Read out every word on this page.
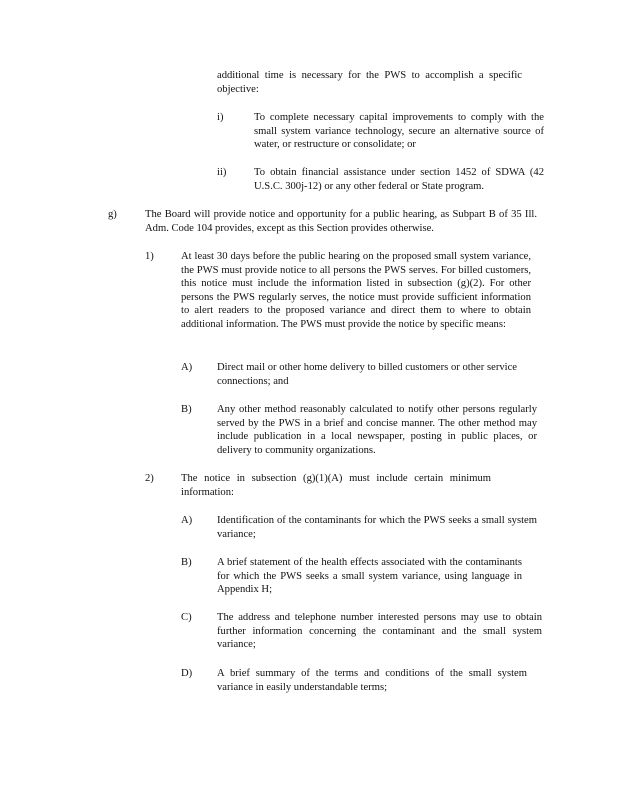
additional time is necessary for the PWS to accomplish a specific objective:
i)	To complete necessary capital improvements to comply with the small system variance technology, secure an alternative source of water, or restructure or consolidate; or
ii)	To obtain financial assistance under section 1452 of SDWA (42 U.S.C. 300j-12) or any other federal or State program.
g)	The Board will provide notice and opportunity for a public hearing, as Subpart B of 35 Ill. Adm. Code 104 provides, except as this Section provides otherwise.
1)	At least 30 days before the public hearing on the proposed small system variance, the PWS must provide notice to all persons the PWS serves. For billed customers, this notice must include the information listed in subsection (g)(2). For other persons the PWS regularly serves, the notice must provide sufficient information to alert readers to the proposed variance and direct them to where to obtain additional information. The PWS must provide the notice by specific means:
A) Direct mail or other home delivery to billed customers or other service connections; and
B) Any other method reasonably calculated to notify other persons regularly served by the PWS in a brief and concise manner. The other method may include publication in a local newspaper, posting in public places, or delivery to community organizations.
2)	The notice in subsection (g)(1)(A) must include certain minimum information:
A) Identification of the contaminants for which the PWS seeks a small system variance;
B) A brief statement of the health effects associated with the contaminants for which the PWS seeks a small system variance, using language in Appendix H;
C) The address and telephone number interested persons may use to obtain further information concerning the contaminant and the small system variance;
D) A brief summary of the terms and conditions of the small system variance in easily understandable terms;
